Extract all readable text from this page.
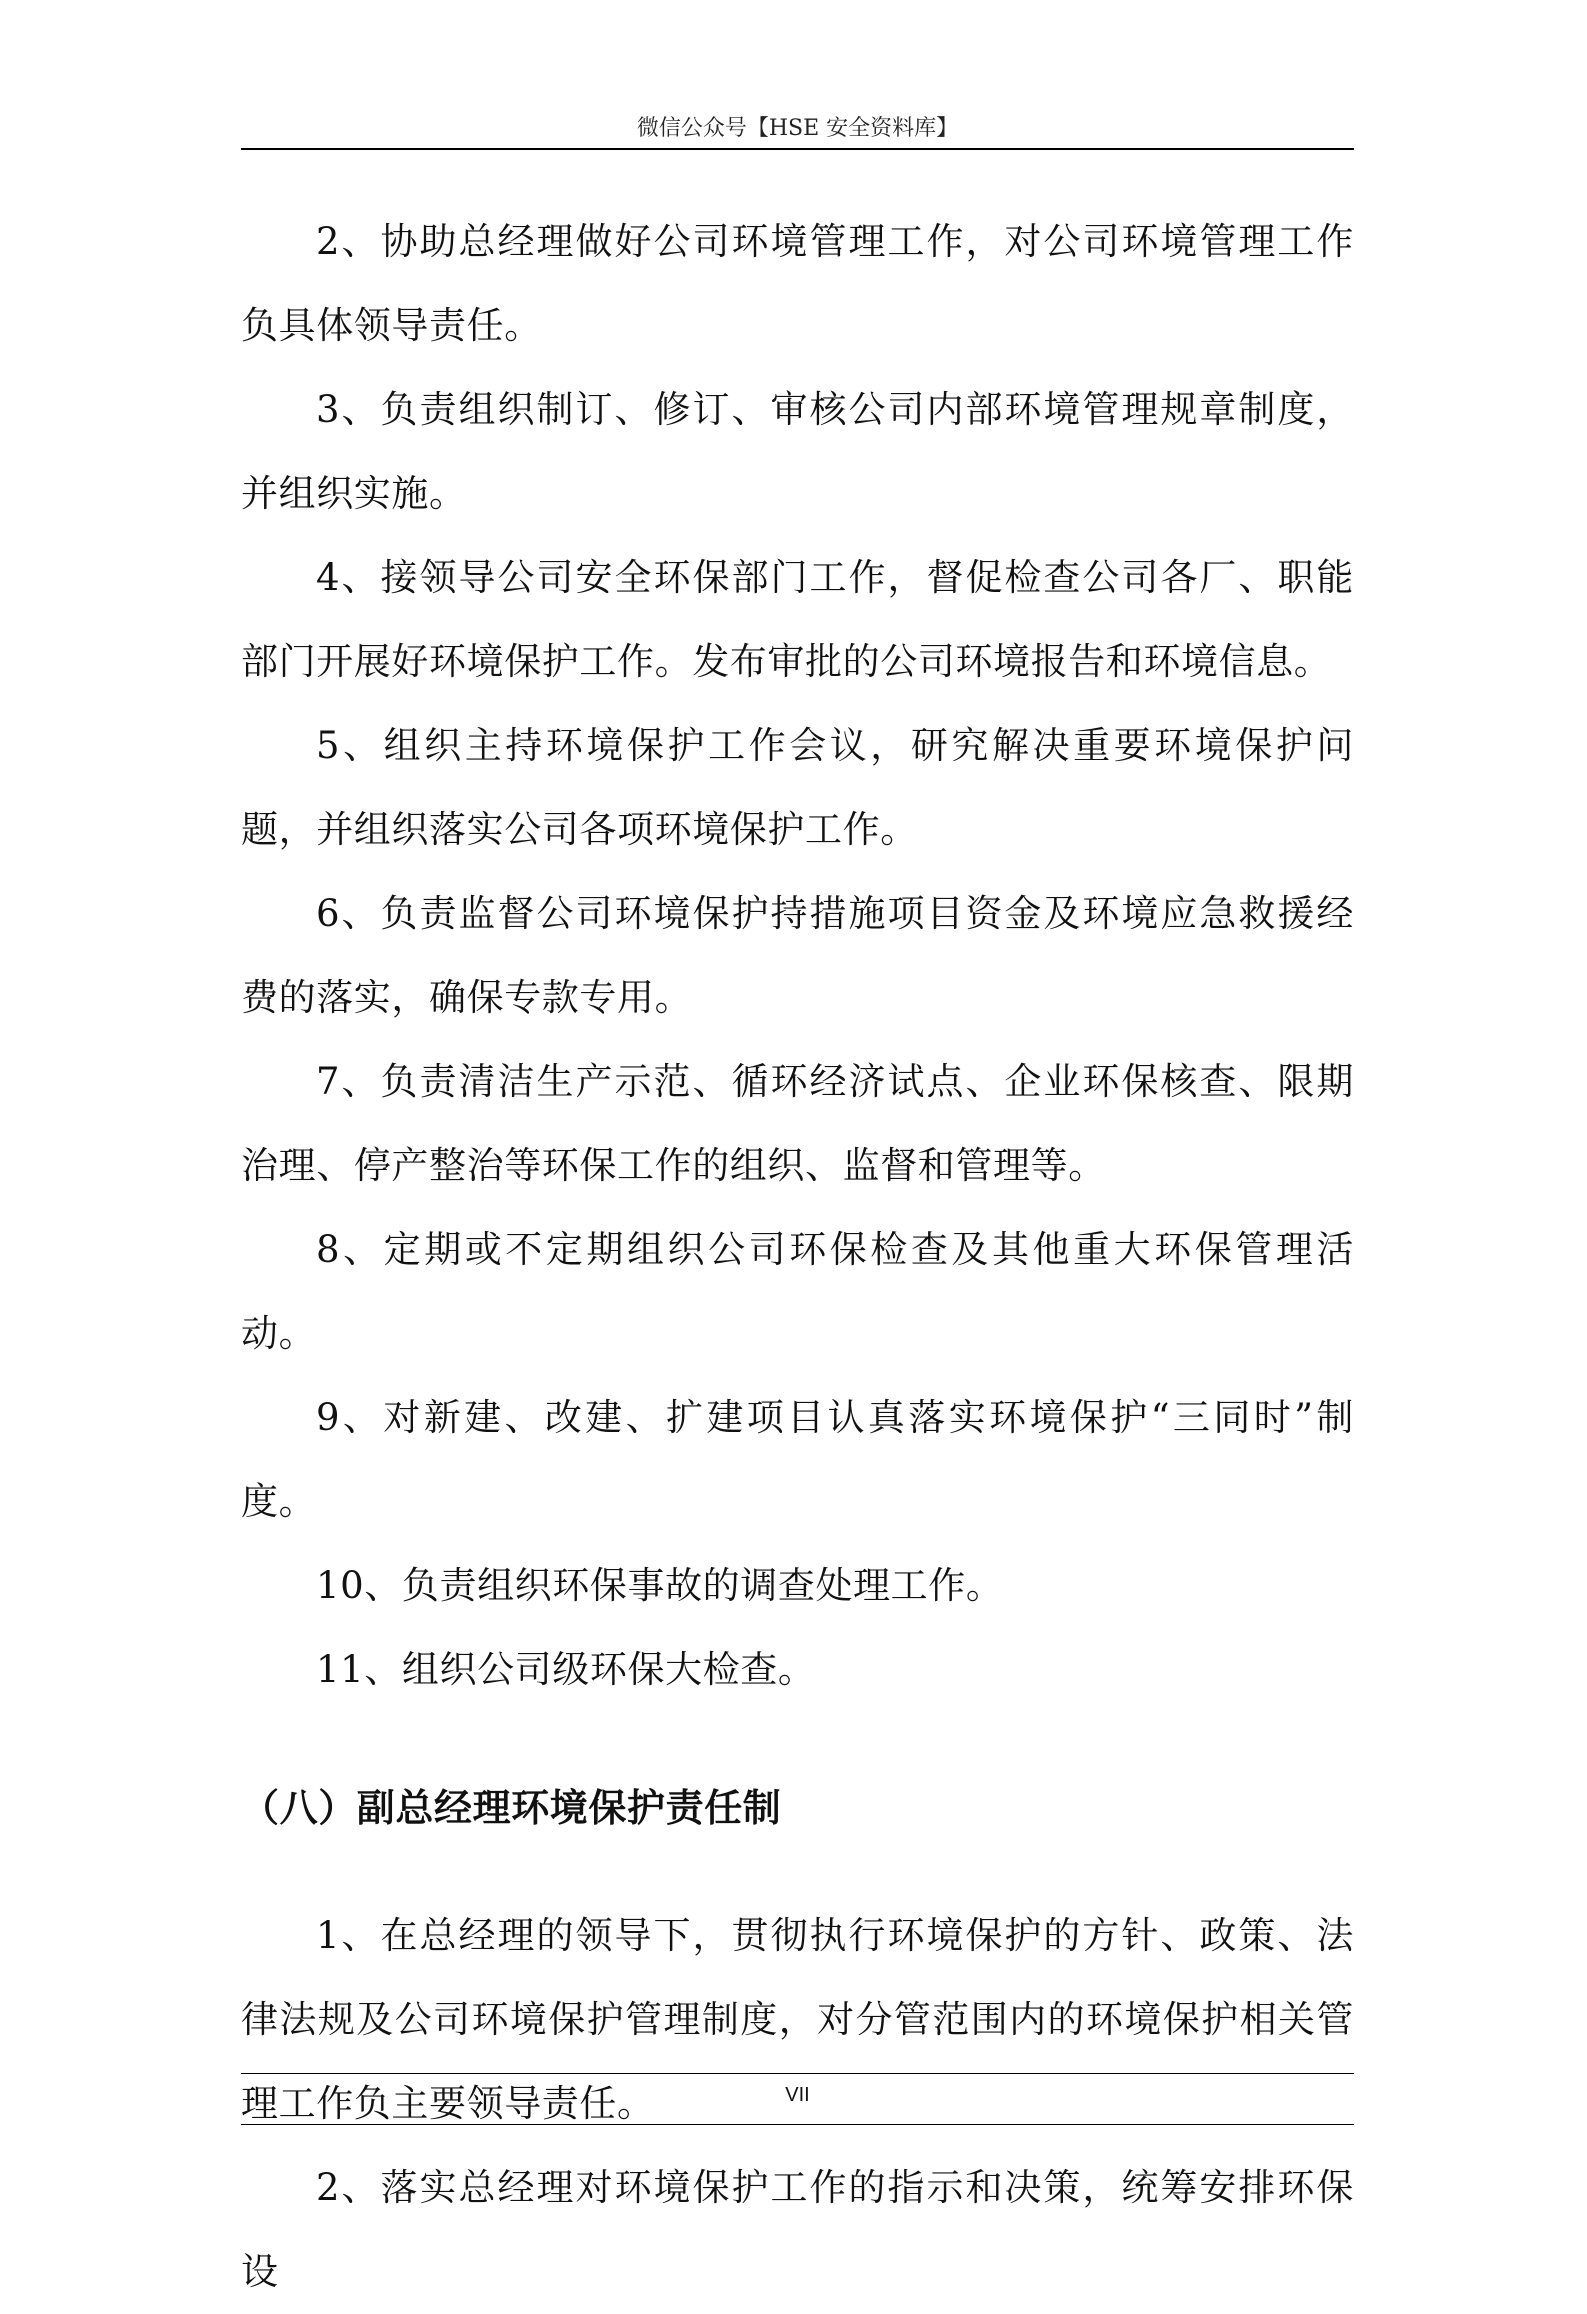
微信公众号【HSE 安全资料库】

2、协助总经理做好公司环境管理工作，对公司环境管理工作负具体领导责任。

3、负责组织制订、修订、审核公司内部环境管理规章制度，并组织实施。

4、接领导公司安全环保部门工作，督促检查公司各厂、职能部门开展好环境保护工作。发布审批的公司环境报告和环境信息。

5、组织主持环境保护工作会议，研究解决重要环境保护问题，并组织落实公司各项环境保护工作。

6、负责监督公司环境保护持措施项目资金及环境应急救援经费的落实，确保专款专用。

7、负责清洁生产示范、循环经济试点、企业环保核查、限期治理、停产整治等环保工作的组织、监督和管理等。

8、定期或不定期组织公司环保检查及其他重大环保管理活动。

9、对新建、改建、扩建项目认真落实环境保护“三同时”制度。

10、负责组织环保事故的调查处理工作。

11、组织公司级环保大检查。

（八）副总经理环境保护责任制

1、在总经理的领导下，贯彻执行环境保护的方针、政策、法律法规及公司环境保护管理制度，对分管范围内的环境保护相关管理工作负主要领导责任。

2、落实总经理对环境保护工作的指示和决策，统筹安排环保设

VII
